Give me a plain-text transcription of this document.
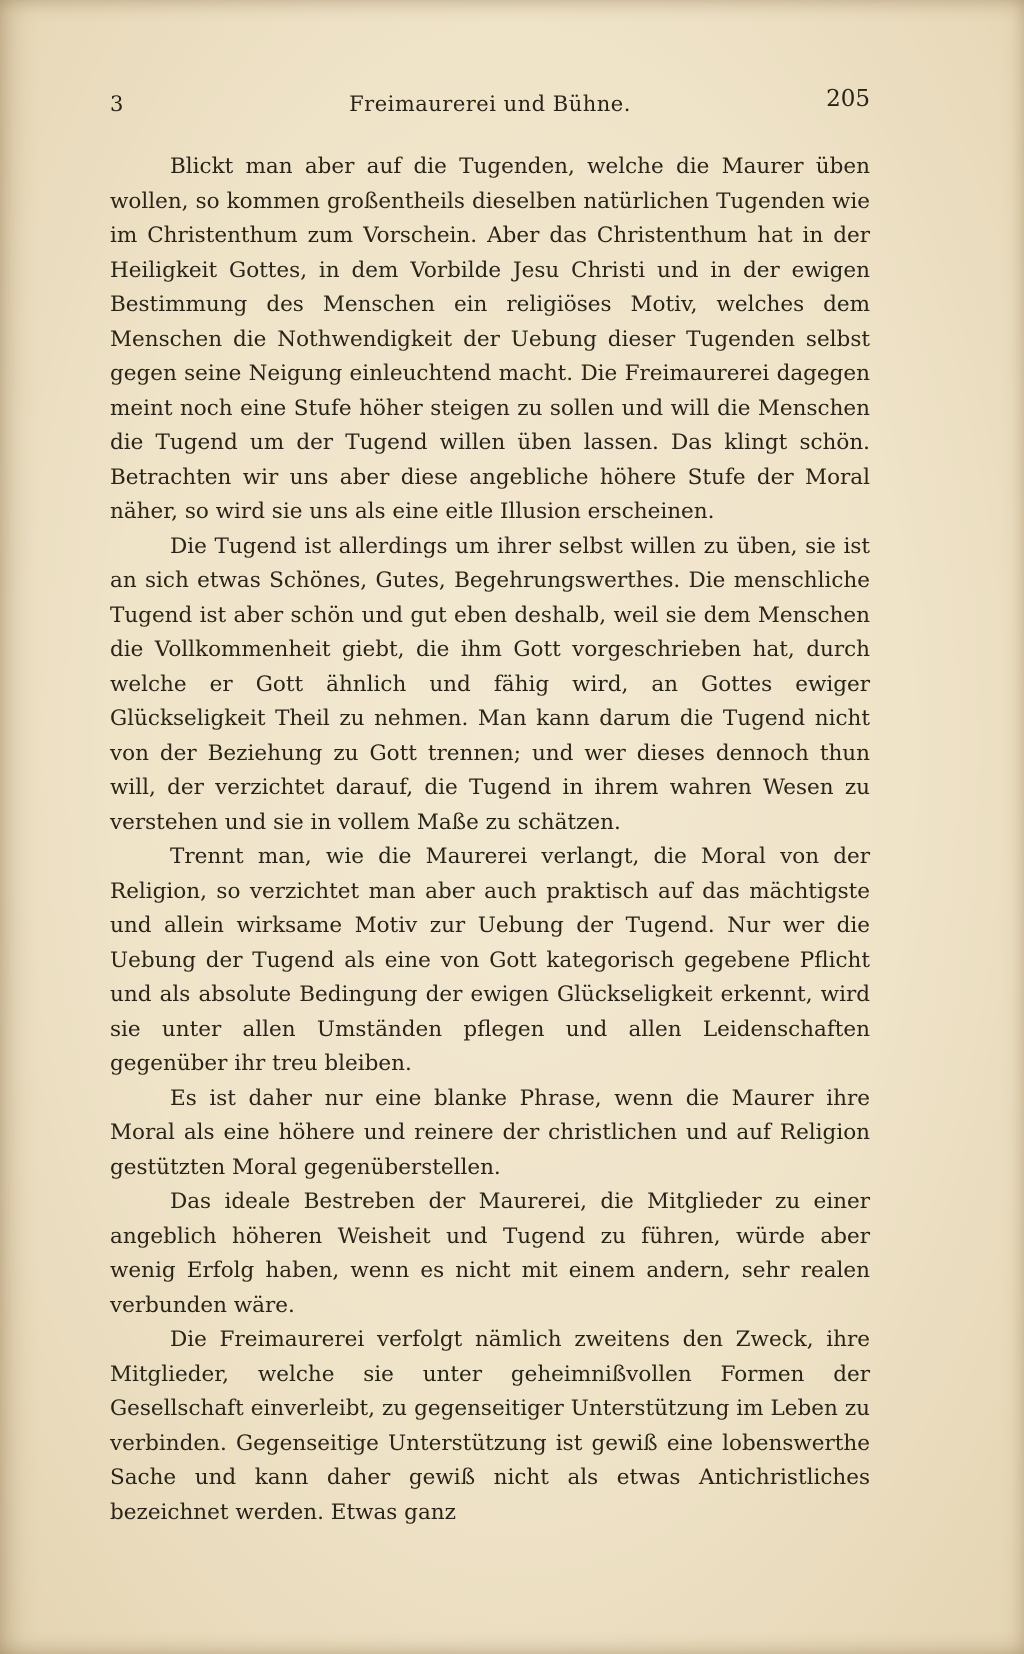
3	Freimaurerei und Bühne.	205

Blickt man aber auf die Tugenden, welche die Maurer üben wollen, so kommen großentheils dieselben natürlichen Tugenden wie im Christenthum zum Vorschein. Aber das Christenthum hat in der Heiligkeit Gottes, in dem Vorbilde Jesu Christi und in der ewigen Bestimmung des Menschen ein religiöses Motiv, welches dem Menschen die Nothwendigkeit der Uebung dieser Tugenden selbst gegen seine Neigung einleuchtend macht. Die Freimaurerei dagegen meint noch eine Stufe höher steigen zu sollen und will die Menschen die Tugend um der Tugend willen üben lassen. Das klingt schön. Betrachten wir uns aber diese angebliche höhere Stufe der Moral näher, so wird sie uns als eine eitle Illusion erscheinen.

Die Tugend ist allerdings um ihrer selbst willen zu üben, sie ist an sich etwas Schönes, Gutes, Begehrungswerthes. Die menschliche Tugend ist aber schön und gut eben deshalb, weil sie dem Menschen die Vollkommenheit giebt, die ihm Gott vorgeschrieben hat, durch welche er Gott ähnlich und fähig wird, an Gottes ewiger Glückseligkeit Theil zu nehmen. Man kann darum die Tugend nicht von der Beziehung zu Gott trennen; und wer dieses dennoch thun will, der verzichtet darauf, die Tugend in ihrem wahren Wesen zu verstehen und sie in vollem Maße zu schätzen.

Trennt man, wie die Maurerei verlangt, die Moral von der Religion, so verzichtet man aber auch praktisch auf das mächtigste und allein wirksame Motiv zur Uebung der Tugend. Nur wer die Uebung der Tugend als eine von Gott kategorisch gegebene Pflicht und als absolute Bedingung der ewigen Glückseligkeit erkennt, wird sie unter allen Umständen pflegen und allen Leidenschaften gegenüber ihr treu bleiben.

Es ist daher nur eine blanke Phrase, wenn die Maurer ihre Moral als eine höhere und reinere der christlichen und auf Religion gestützten Moral gegenüberstellen.

Das ideale Bestreben der Maurerei, die Mitglieder zu einer angeblich höheren Weisheit und Tugend zu führen, würde aber wenig Erfolg haben, wenn es nicht mit einem andern, sehr realen verbunden wäre.

Die Freimaurerei verfolgt nämlich zweitens den Zweck, ihre Mitglieder, welche sie unter geheimnißvollen Formen der Gesellschaft einverleibt, zu gegenseitiger Unterstützung im Leben zu verbinden. Gegenseitige Unterstützung ist gewiß eine lobenswerthe Sache und kann daher gewiß nicht als etwas Antichristliches bezeichnet werden. Etwas ganz
